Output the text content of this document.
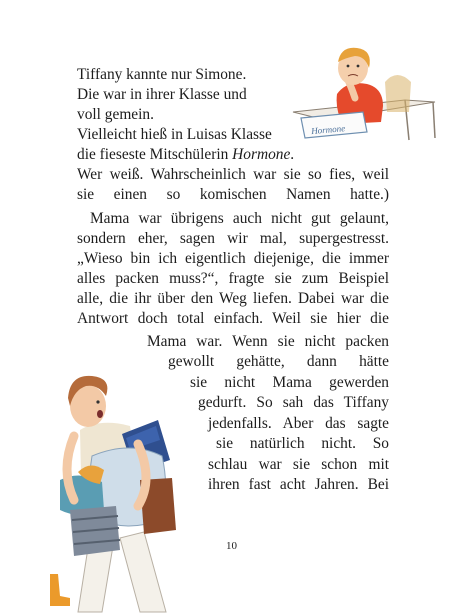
Hormone
Tiffany kannte nur Simone.
Die war in ihrer Klasse und
voll gemein.
Vielleicht hieß in Luisas Klasse
die fieseste Mitschülerin Hormone.
Wer weiß. Wahrscheinlich war sie so fies, weil
sie einen so komischen Namen hatte.)
Mama war übrigens auch nicht gut gelaunt,
sondern eher, sagen wir mal, supergestresst.
„Wieso bin ich eigentlich diejenige, die immer
alles packen muss?“, fragte sie zum Beispiel
alle, die ihr über den Weg liefen. Dabei war die
Antwort doch total einfach. Weil sie hier die
Mama war. Wenn sie nicht packen
gewollt gehätte, dann hätte
sie nicht Mama gewerden
gedurft. So sah das Tiffany
jedenfalls. Aber das sagte
sie natürlich nicht. So
schlau war sie schon mit
ihren fast acht Jahren. Bei
10
